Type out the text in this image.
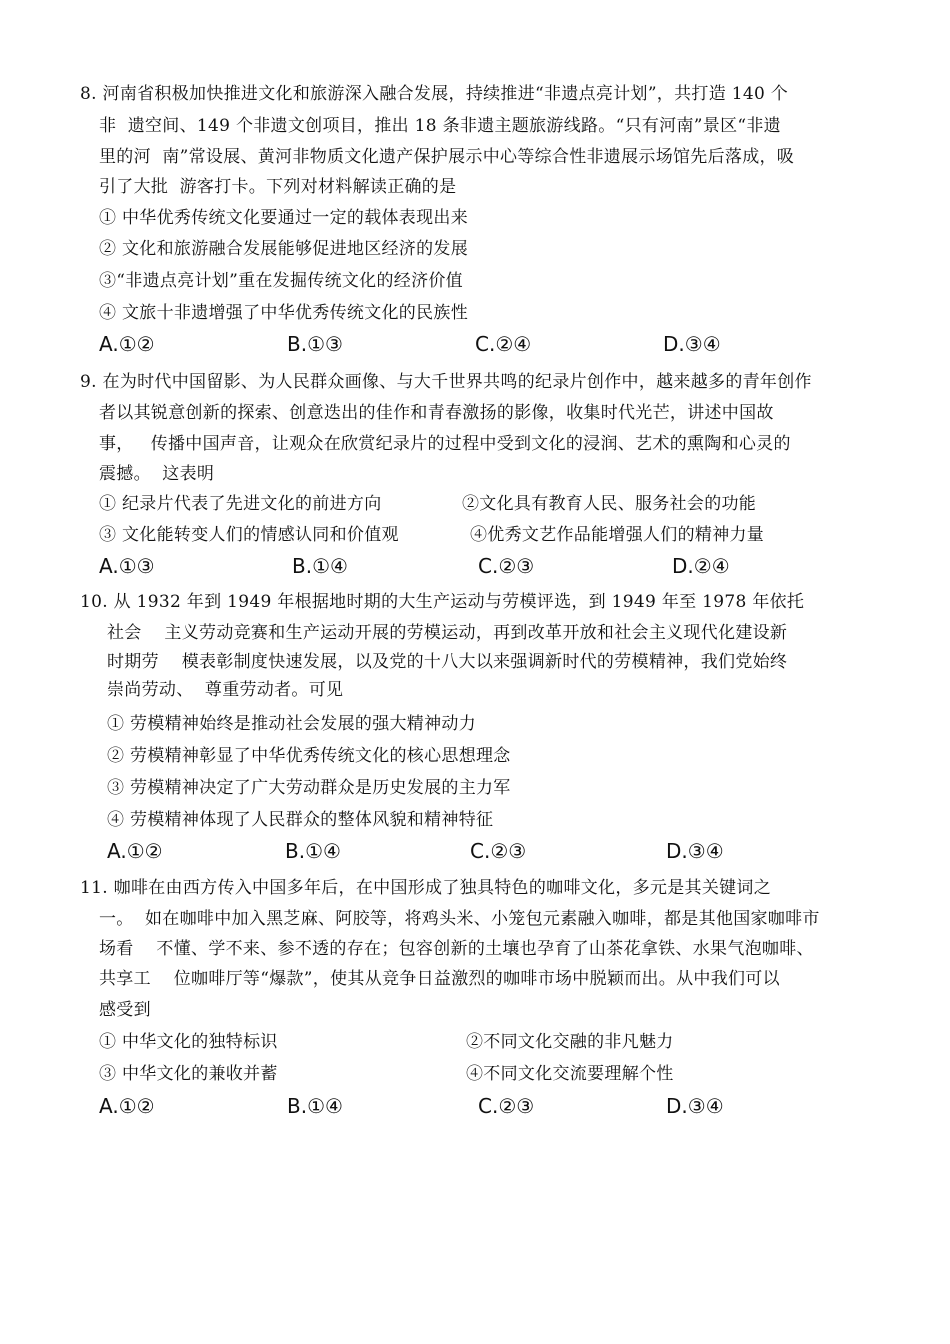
8. 河南省积极加快推进文化和旅游深入融合发展，持续推进“非遗点亮计划”，共打造 140 个
非  遗空间、149 个非遗文创项目，推出 18 条非遗主题旅游线路。“只有河南”景区“非遗
里的河  南”常设展、黄河非物质文化遗产保护展示中心等综合性非遗展示场馆先后落成，吸
引了大批  游客打卡。下列对材料解读正确的是
① 中华优秀传统文化要通过一定的载体表现出来
② 文化和旅游融合发展能够促进地区经济的发展
③“非遗点亮计划”重在发掘传统文化的经济价值
④ 文旅十非遗增强了中华优秀传统文化的民族性
A.①②	B.①③	C.②④	D.③④
9. 在为时代中国留影、为人民群众画像、与大千世界共鸣的纪录片创作中，越来越多的青年创作
者以其锐意创新的探索、创意迭出的佳作和青春激扬的影像，收集时代光芒，讲述中国故
事，   传播中国声音，让观众在欣赏纪录片的过程中受到文化的浸润、艺术的熏陶和心灵的
震撼。  这表明
① 纪录片代表了先进文化的前进方向	②文化具有教育人民、服务社会的功能
③ 文化能转变人们的情感认同和价值观	④优秀文艺作品能增强人们的精神力量
A.①③	B.①④	C.②③	D.②④
10. 从 1932 年到 1949 年根据地时期的大生产运动与劳模评选，到 1949 年至 1978 年依托
社会    主义劳动竞赛和生产运动开展的劳模运动，再到改革开放和社会主义现代化建设新
时期劳    模表彰制度快速发展，以及党的十八大以来强调新时代的劳模精神，我们党始终
崇尚劳动、  尊重劳动者。可见
① 劳模精神始终是推动社会发展的强大精神动力
② 劳模精神彰显了中华优秀传统文化的核心思想理念
③ 劳模精神决定了广大劳动群众是历史发展的主力军
④ 劳模精神体现了人民群众的整体风貌和精神特征
A.①②	B.①④	C.②③	D.③④
11. 咖啡在由西方传入中国多年后，在中国形成了独具特色的咖啡文化，多元是其关键词之
一。  如在咖啡中加入黑芝麻、阿胶等，将鸡头米、小笼包元素融入咖啡，都是其他国家咖啡市
场看    不懂、学不来、参不透的存在；包容创新的土壤也孕育了山茶花拿铁、水果气泡咖啡、
共享工    位咖啡厅等“爆款”，使其从竞争日益激烈的咖啡市场中脱颖而出。从中我们可以
感受到
① 中华文化的独特标识	②不同文化交融的非凡魅力
③ 中华文化的兼收并蓄	④不同文化交流要理解个性
A.①②	B.①④	C.②③	D.③④
